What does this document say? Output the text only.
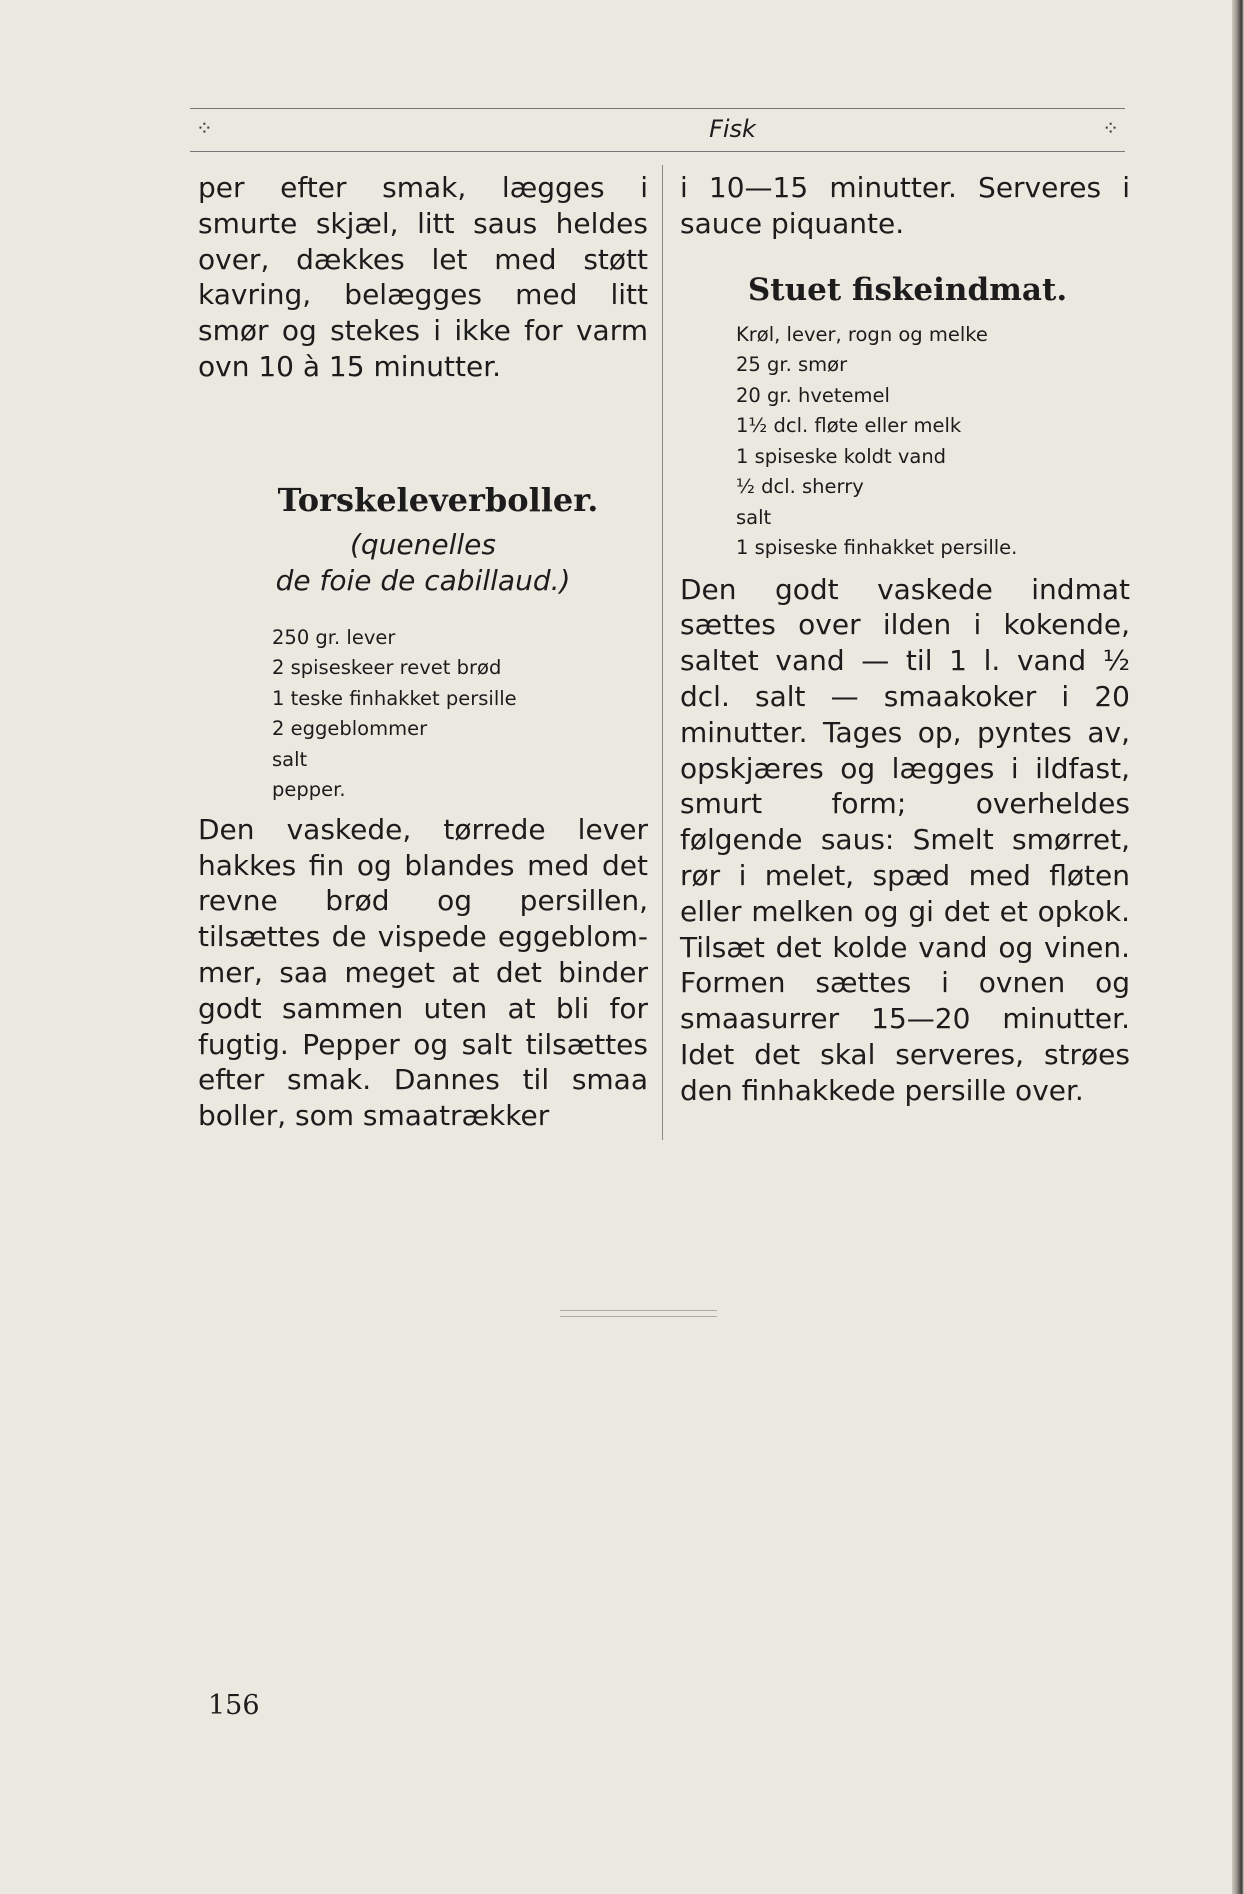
⁘	Fisk	⁘

per efter smak, lægges i smurte skjæl, litt saus heldes over, dækkes let med støtt kavring, belægges med litt smør og stekes i ikke for varm ovn 10 à 15 minutter.

Torskeleverboller.

(quenelles
de foie de cabillaud.)

250 gr. lever
2 spiseskeer revet brød
1 teske finhakket persille
2 eggeblommer
salt
pepper.

Den vaskede, tørrede lever hakkes fin og blandes med det revne brød og persillen, tilsættes de vispede eggeblommer, saa meget at det binder godt sammen uten at bli for fugtig. Pepper og salt tilsættes efter smak. Dannes til smaa boller, som smaatrækker

i 10—15 minutter. Serveres i sauce piquante.

Stuet fiskeindmat.
Krøl, lever, rogn og melke
25 gr. smør
20 gr. hvetemel
1½ dcl. fløte eller melk
1 spiseske koldt vand
½ dcl. sherry
salt
1 spiseske finhakket persille.

Den godt vaskede indmat sættes over ilden i kokende, saltet vand — til 1 l. vand ½ dcl. salt — smaakoker i 20 minutter. Tages op, pyntes av, opskjæres og lægges i ildfast, smurt form; overheldes følgende saus: Smelt smørret, rør i melet, spæd med fløten eller melken og gi det et opkok. Tilsæt det kolde vand og vinen. Formen sættes i ovnen og smaasurrer 15—20 minutter. Idet det skal serveres, strøes den finhakkede persille over.

156
